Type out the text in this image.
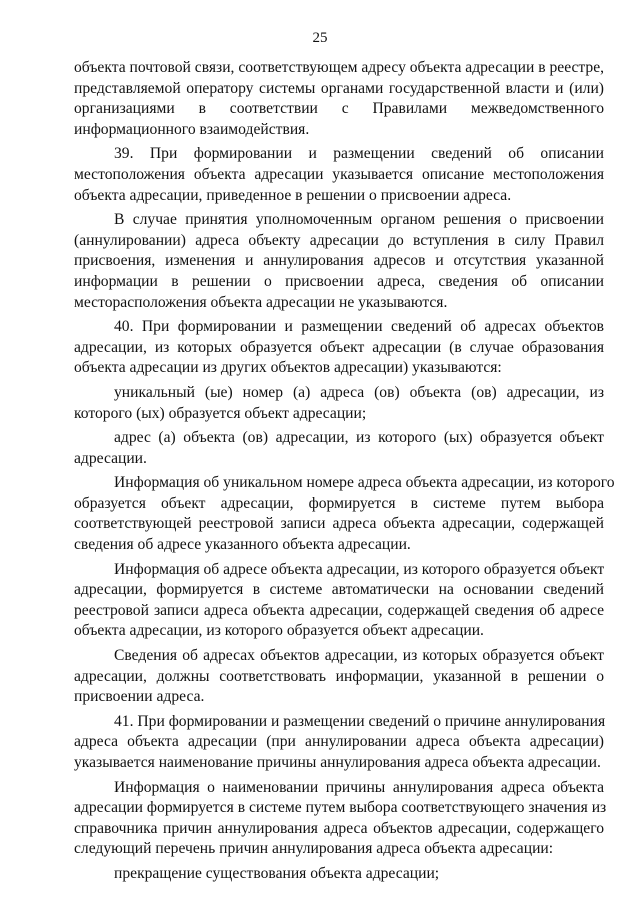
25
объекта почтовой связи, соответствующем адресу объекта адресации в реестре,
представляемой оператору системы органами государственной власти и (или)
организациями в соответствии с Правилами межведомственного
информационного взаимодействия.
39. При формировании и размещении сведений об описании
местоположения объекта адресации указывается описание местоположения
объекта адресации, приведенное в решении о присвоении адреса.
В случае принятия уполномоченным органом решения о присвоении
(аннулировании) адреса объекту адресации до вступления в силу Правил
присвоения, изменения и аннулирования адресов и отсутствия указанной
информации в решении о присвоении адреса, сведения об описании
месторасположения объекта адресации не указываются.
40. При формировании и размещении сведений об адресах объектов
адресации, из которых образуется объект адресации (в случае образования
объекта адресации из других объектов адресации) указываются:
уникальный (ые) номер (а) адреса (ов) объекта (ов) адресации, из
которого (ых) образуется объект адресации;
адрес (а) объекта (ов) адресации, из которого (ых) образуется объект
адресации.
Информация об уникальном номере адреса объекта адресации, из которого
образуется объект адресации, формируется в системе путем выбора
соответствующей реестровой записи адреса объекта адресации, содержащей
сведения об адресе указанного объекта адресации.
Информация об адресе объекта адресации, из которого образуется объект
адресации, формируется в системе автоматически на основании сведений
реестровой записи адреса объекта адресации, содержащей сведения об адресе
объекта адресации, из которого образуется объект адресации.
Сведения об адресах объектов адресации, из которых образуется объект
адресации, должны соответствовать информации, указанной в решении о
присвоении адреса.
41. При формировании и размещении сведений о причине аннулирования
адреса объекта адресации (при аннулировании адреса объекта адресации)
указывается наименование причины аннулирования адреса объекта адресации.
Информация о наименовании причины аннулирования адреса объекта
адресации формируется в системе путем выбора соответствующего значения из
справочника причин аннулирования адреса объектов адресации, содержащего
следующий перечень причин аннулирования адреса объекта адресации:
прекращение существования объекта адресации;
